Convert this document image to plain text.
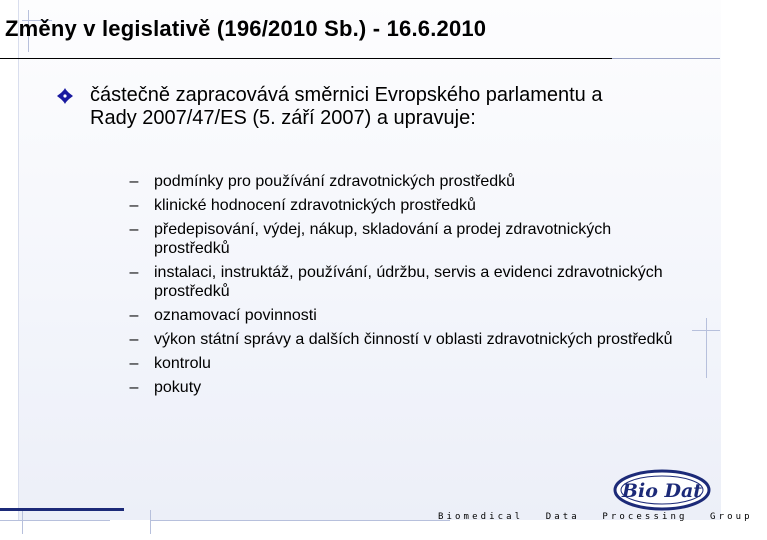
Změny v legislativě (196/2010 Sb.) - 16.6.2010
částečně zapracovává směrnici Evropského parlamentu a Rady 2007/47/ES (5. září 2007) a upravuje:
– podmínky pro používání zdravotnických prostředků
– klinické hodnocení zdravotnických prostředků
– předepisování, výdej, nákup, skladování a prodej zdravotnických prostředků
– instalaci, instruktáž, používání, údržbu, servis a evidenci zdravotnických prostředků
– oznamovací povinnosti
– výkon státní správy a dalších činností v oblasti zdravotnických prostředků
– kontrolu
– pokuty
Bio Dat
Biomedical	Data	Processing	Group
